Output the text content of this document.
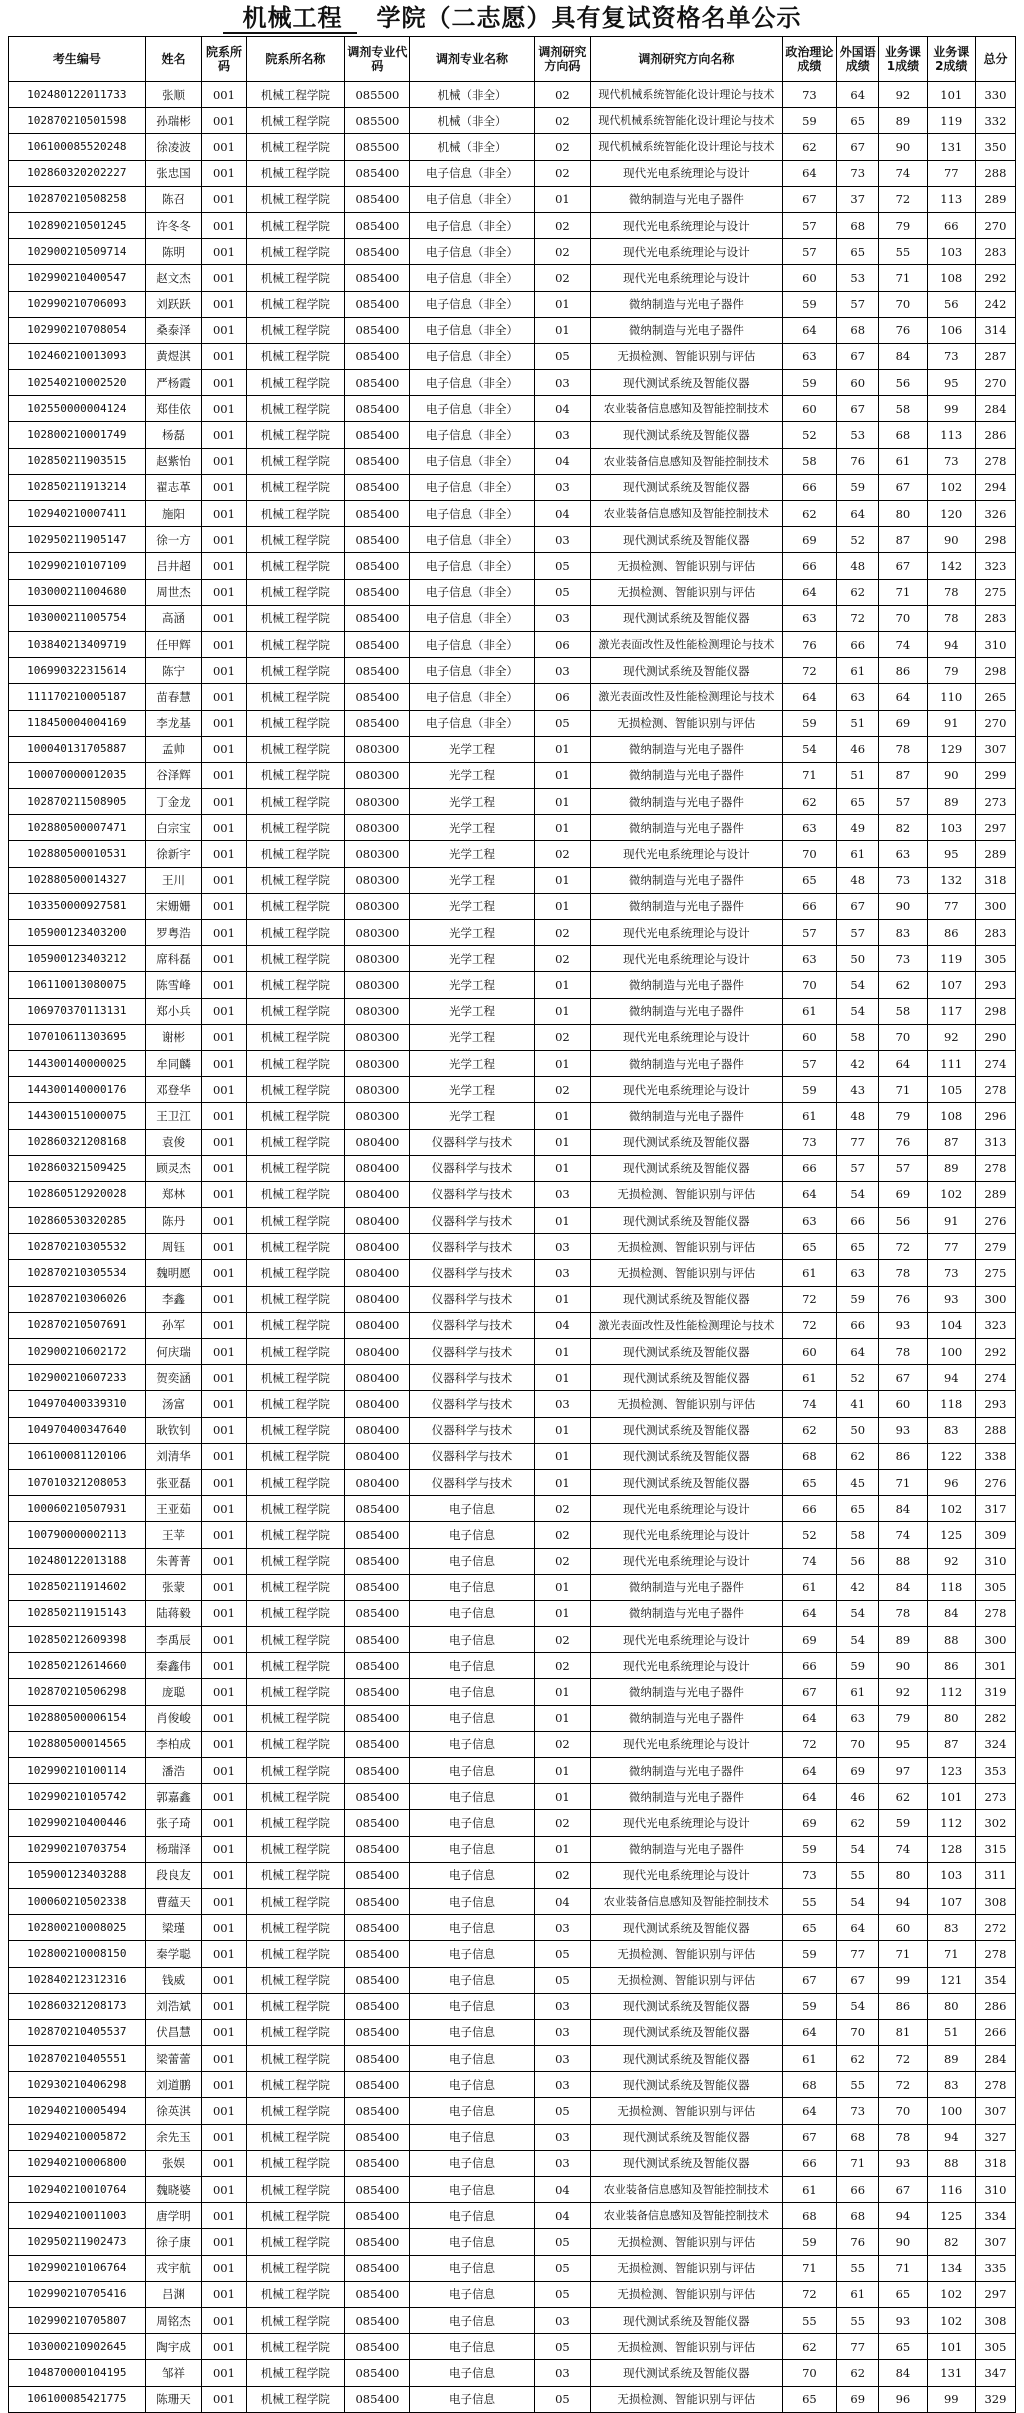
机械工程 学院（二志愿）具有复试资格名单公示
考生编号	姓名	院系所码	院系所名称	调剂专业代码	调剂专业名称	调剂研究方向码	调剂研究方向名称	政治理论成绩	外国语成绩	业务课1成绩	业务课2成绩	总分
102480122011733	张顺	001	机械工程学院	085500	机械（非全）	02	现代机械系统智能化设计理论与技术	73	64	92	101	330
102870210501598	孙瑞彬	001	机械工程学院	085500	机械（非全）	02	现代机械系统智能化设计理论与技术	59	65	89	119	332
106100085520248	徐凌波	001	机械工程学院	085500	机械（非全）	02	现代机械系统智能化设计理论与技术	62	67	90	131	350
102860320202227	张忠国	001	机械工程学院	085400	电子信息（非全）	02	现代光电系统理论与设计	64	73	74	77	288
102870210508258	陈召	001	机械工程学院	085400	电子信息（非全）	01	微纳制造与光电子器件	67	37	72	113	289
102890210501245	许冬冬	001	机械工程学院	085400	电子信息（非全）	02	现代光电系统理论与设计	57	68	79	66	270
102900210509714	陈明	001	机械工程学院	085400	电子信息（非全）	02	现代光电系统理论与设计	57	65	55	103	283
102990210400547	赵文杰	001	机械工程学院	085400	电子信息（非全）	02	现代光电系统理论与设计	60	53	71	108	292
102990210706093	刘跃跃	001	机械工程学院	085400	电子信息（非全）	01	微纳制造与光电子器件	59	57	70	56	242
102990210708054	桑泰泽	001	机械工程学院	085400	电子信息（非全）	01	微纳制造与光电子器件	64	68	76	106	314
102460210013093	黄煜淇	001	机械工程学院	085400	电子信息（非全）	05	无损检测、智能识别与评估	63	67	84	73	287
102540210002520	严杨霞	001	机械工程学院	085400	电子信息（非全）	03	现代测试系统及智能仪器	59	60	56	95	270
102550000004124	郑佳依	001	机械工程学院	085400	电子信息（非全）	04	农业装备信息感知及智能控制技术	60	67	58	99	284
102800210001749	杨磊	001	机械工程学院	085400	电子信息（非全）	03	现代测试系统及智能仪器	52	53	68	113	286
102850211903515	赵紫怡	001	机械工程学院	085400	电子信息（非全）	04	农业装备信息感知及智能控制技术	58	76	61	73	278
102850211913214	翟志革	001	机械工程学院	085400	电子信息（非全）	03	现代测试系统及智能仪器	66	59	67	102	294
102940210007411	施阳	001	机械工程学院	085400	电子信息（非全）	04	农业装备信息感知及智能控制技术	62	64	80	120	326
102950211905147	徐一方	001	机械工程学院	085400	电子信息（非全）	03	现代测试系统及智能仪器	69	52	87	90	298
102990210107109	吕井超	001	机械工程学院	085400	电子信息（非全）	05	无损检测、智能识别与评估	66	48	67	142	323
103000211004680	周世杰	001	机械工程学院	085400	电子信息（非全）	05	无损检测、智能识别与评估	64	62	71	78	275
103000211005754	高涵	001	机械工程学院	085400	电子信息（非全）	03	现代测试系统及智能仪器	63	72	70	78	283
103840213409719	任甲辉	001	机械工程学院	085400	电子信息（非全）	06	激光表面改性及性能检测理论与技术	76	66	74	94	310
106990322315614	陈宁	001	机械工程学院	085400	电子信息（非全）	03	现代测试系统及智能仪器	72	61	86	79	298
111170210005187	苗春慧	001	机械工程学院	085400	电子信息（非全）	06	激光表面改性及性能检测理论与技术	64	63	64	110	265
118450004004169	李龙基	001	机械工程学院	085400	电子信息（非全）	05	无损检测、智能识别与评估	59	51	69	91	270
100040131705887	孟帅	001	机械工程学院	080300	光学工程	01	微纳制造与光电子器件	54	46	78	129	307
100070000012035	谷泽辉	001	机械工程学院	080300	光学工程	01	微纳制造与光电子器件	71	51	87	90	299
102870211508905	丁金龙	001	机械工程学院	080300	光学工程	01	微纳制造与光电子器件	62	65	57	89	273
102880500007471	白宗宝	001	机械工程学院	080300	光学工程	01	微纳制造与光电子器件	63	49	82	103	297
102880500010531	徐新宇	001	机械工程学院	080300	光学工程	02	现代光电系统理论与设计	70	61	63	95	289
102880500014327	王川	001	机械工程学院	080300	光学工程	01	微纳制造与光电子器件	65	48	73	132	318
103350000927581	宋姗姗	001	机械工程学院	080300	光学工程	01	微纳制造与光电子器件	66	67	90	77	300
105900123403200	罗粤浩	001	机械工程学院	080300	光学工程	02	现代光电系统理论与设计	57	57	83	86	283
105900123403212	席科磊	001	机械工程学院	080300	光学工程	02	现代光电系统理论与设计	63	50	73	119	305
106110013080075	陈雪峰	001	机械工程学院	080300	光学工程	01	微纳制造与光电子器件	70	54	62	107	293
106970370113131	郑小兵	001	机械工程学院	080300	光学工程	01	微纳制造与光电子器件	61	54	58	117	298
107010611303695	谢彬	001	机械工程学院	080300	光学工程	02	现代光电系统理论与设计	60	58	70	92	290
144300140000025	牟同麟	001	机械工程学院	080300	光学工程	01	微纳制造与光电子器件	57	42	64	111	274
144300140000176	邓登华	001	机械工程学院	080300	光学工程	02	现代光电系统理论与设计	59	43	71	105	278
144300151000075	王卫江	001	机械工程学院	080300	光学工程	01	微纳制造与光电子器件	61	48	79	108	296
102860321208168	袁俊	001	机械工程学院	080400	仪器科学与技术	01	现代测试系统及智能仪器	73	77	76	87	313
102860321509425	顾灵杰	001	机械工程学院	080400	仪器科学与技术	01	现代测试系统及智能仪器	66	57	57	89	278
102860512920028	郑林	001	机械工程学院	080400	仪器科学与技术	03	无损检测、智能识别与评估	64	54	69	102	289
102860530320285	陈丹	001	机械工程学院	080400	仪器科学与技术	01	现代测试系统及智能仪器	63	66	56	91	276
102870210305532	周钰	001	机械工程学院	080400	仪器科学与技术	03	无损检测、智能识别与评估	65	65	72	77	279
102870210305534	魏明愿	001	机械工程学院	080400	仪器科学与技术	03	无损检测、智能识别与评估	61	63	78	73	275
102870210306026	李鑫	001	机械工程学院	080400	仪器科学与技术	01	现代测试系统及智能仪器	72	59	76	93	300
102870210507691	孙军	001	机械工程学院	080400	仪器科学与技术	04	激光表面改性及性能检测理论与技术	72	66	93	104	323
102900210602172	何庆瑞	001	机械工程学院	080400	仪器科学与技术	01	现代测试系统及智能仪器	60	64	78	100	292
102900210607233	贺奕涵	001	机械工程学院	080400	仪器科学与技术	01	现代测试系统及智能仪器	61	52	67	94	274
104970400339310	汤富	001	机械工程学院	080400	仪器科学与技术	03	无损检测、智能识别与评估	74	41	60	118	293
104970400347640	耿钦钊	001	机械工程学院	080400	仪器科学与技术	01	现代测试系统及智能仪器	62	50	93	83	288
106100081120106	刘清华	001	机械工程学院	080400	仪器科学与技术	01	现代测试系统及智能仪器	68	62	86	122	338
107010321208053	张亚磊	001	机械工程学院	080400	仪器科学与技术	01	现代测试系统及智能仪器	65	45	71	96	276
100060210507931	王亚茹	001	机械工程学院	085400	电子信息	02	现代光电系统理论与设计	66	65	84	102	317
100790000002113	王苹	001	机械工程学院	085400	电子信息	02	现代光电系统理论与设计	52	58	74	125	309
102480122013188	朱菁菁	001	机械工程学院	085400	电子信息	02	现代光电系统理论与设计	74	56	88	92	310
102850211914602	张蒙	001	机械工程学院	085400	电子信息	01	微纳制造与光电子器件	61	42	84	118	305
102850211915143	陆蒋毅	001	机械工程学院	085400	电子信息	01	微纳制造与光电子器件	64	54	78	84	278
102850212609398	李禹辰	001	机械工程学院	085400	电子信息	02	现代光电系统理论与设计	69	54	89	88	300
102850212614660	秦鑫伟	001	机械工程学院	085400	电子信息	02	现代光电系统理论与设计	66	59	90	86	301
102870210506298	庞聪	001	机械工程学院	085400	电子信息	01	微纳制造与光电子器件	67	61	92	112	319
102880500006154	肖俊峻	001	机械工程学院	085400	电子信息	01	微纳制造与光电子器件	64	63	79	80	282
102880500014565	李柏成	001	机械工程学院	085400	电子信息	02	现代光电系统理论与设计	72	70	95	87	324
102990210100114	潘浩	001	机械工程学院	085400	电子信息	01	微纳制造与光电子器件	64	69	97	123	353
102990210105742	郭嘉鑫	001	机械工程学院	085400	电子信息	01	微纳制造与光电子器件	64	46	62	101	273
102990210400446	张子琦	001	机械工程学院	085400	电子信息	02	现代光电系统理论与设计	69	62	59	112	302
102990210703754	杨瑞泽	001	机械工程学院	085400	电子信息	01	微纳制造与光电子器件	59	54	74	128	315
105900123403288	段良友	001	机械工程学院	085400	电子信息	02	现代光电系统理论与设计	73	55	80	103	311
100060210502338	曹蕴天	001	机械工程学院	085400	电子信息	04	农业装备信息感知及智能控制技术	55	54	94	107	308
102800210008025	梁瑾	001	机械工程学院	085400	电子信息	03	现代测试系统及智能仪器	65	64	60	83	272
102800210008150	秦学聪	001	机械工程学院	085400	电子信息	05	无损检测、智能识别与评估	59	77	71	71	278
102840212312316	钱威	001	机械工程学院	085400	电子信息	05	无损检测、智能识别与评估	67	67	99	121	354
102860321208173	刘浩斌	001	机械工程学院	085400	电子信息	03	现代测试系统及智能仪器	59	54	86	80	286
102870210405537	伏昌慧	001	机械工程学院	085400	电子信息	03	现代测试系统及智能仪器	64	70	81	51	266
102870210405551	梁蕾蕾	001	机械工程学院	085400	电子信息	03	现代测试系统及智能仪器	61	62	72	89	284
102930210406298	刘道鹏	001	机械工程学院	085400	电子信息	03	现代测试系统及智能仪器	68	55	72	83	278
102940210005494	徐英淇	001	机械工程学院	085400	电子信息	05	无损检测、智能识别与评估	64	73	70	100	307
102940210005872	余先玉	001	机械工程学院	085400	电子信息	03	现代测试系统及智能仪器	67	68	78	94	327
102940210006800	张娱	001	机械工程学院	085400	电子信息	03	现代测试系统及智能仪器	66	71	93	88	318
102940210010764	魏晓婆	001	机械工程学院	085400	电子信息	04	农业装备信息感知及智能控制技术	61	66	67	116	310
102940210011003	唐学明	001	机械工程学院	085400	电子信息	04	农业装备信息感知及智能控制技术	68	68	94	125	334
102950211902473	徐子康	001	机械工程学院	085400	电子信息	05	无损检测、智能识别与评估	59	76	90	82	307
102990210106764	戎宇航	001	机械工程学院	085400	电子信息	05	无损检测、智能识别与评估	71	55	71	134	335
102990210705416	吕渊	001	机械工程学院	085400	电子信息	05	无损检测、智能识别与评估	72	61	65	102	297
102990210705807	周铭杰	001	机械工程学院	085400	电子信息	03	现代测试系统及智能仪器	55	55	93	102	308
103000210902645	陶宇成	001	机械工程学院	085400	电子信息	05	无损检测、智能识别与评估	62	77	65	101	305
104870000104195	邹祥	001	机械工程学院	085400	电子信息	03	现代测试系统及智能仪器	70	62	84	131	347
106100085421775	陈珊天	001	机械工程学院	085400	电子信息	05	无损检测、智能识别与评估	65	69	96	99	329
